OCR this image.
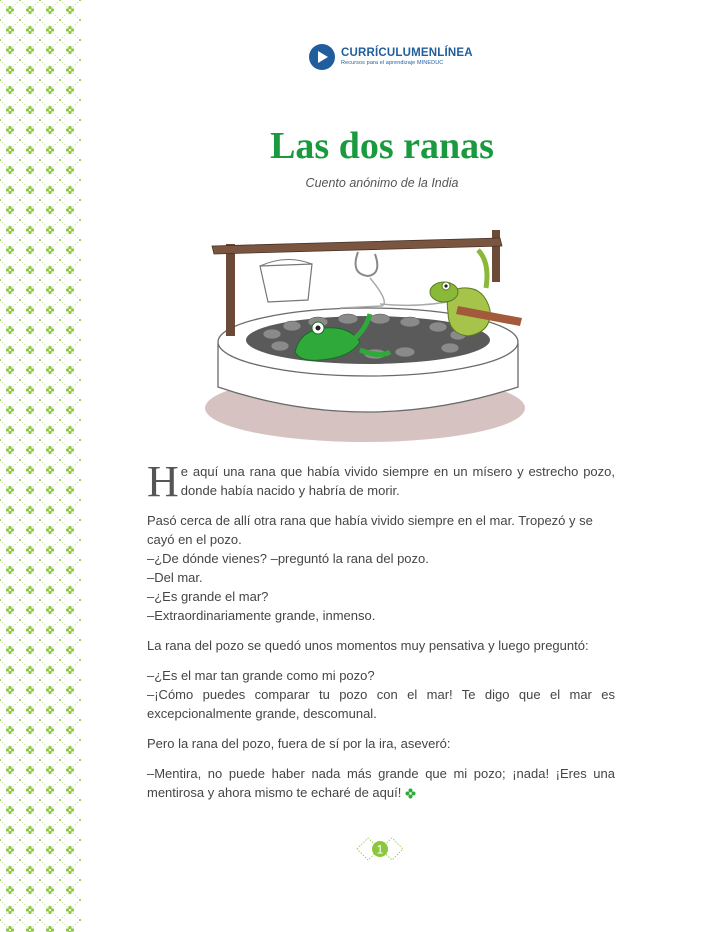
CURRÍCULUMENLÍNEA
Recursos para el aprendizaje MINEDUC
Las dos ranas
Cuento anónimo de la India

He aquí una rana que había vivido siempre en un mísero y estrecho pozo, donde había nacido y habría de morir.

Pasó cerca de allí otra rana que había vivido siempre en el mar. Tropezó y se cayó en el pozo.

–¿De dónde vienes? –preguntó la rana del pozo.

–Del mar.

–¿Es grande el mar?

–Extraordinariamente grande, inmenso.

La rana del pozo se quedó unos momentos muy pensativa y luego preguntó:

–¿Es el mar tan grande como mi pozo?

–¡Cómo puedes comparar tu pozo con el mar! Te digo que el mar es excepcionalmente grande, descomunal.

Pero la rana del pozo, fuera de sí por la ira, aseveró:

–Mentira, no puede haber nada más grande que mi pozo; ¡nada! ¡Eres una mentirosa y ahora mismo te echaré de aquí!

1
